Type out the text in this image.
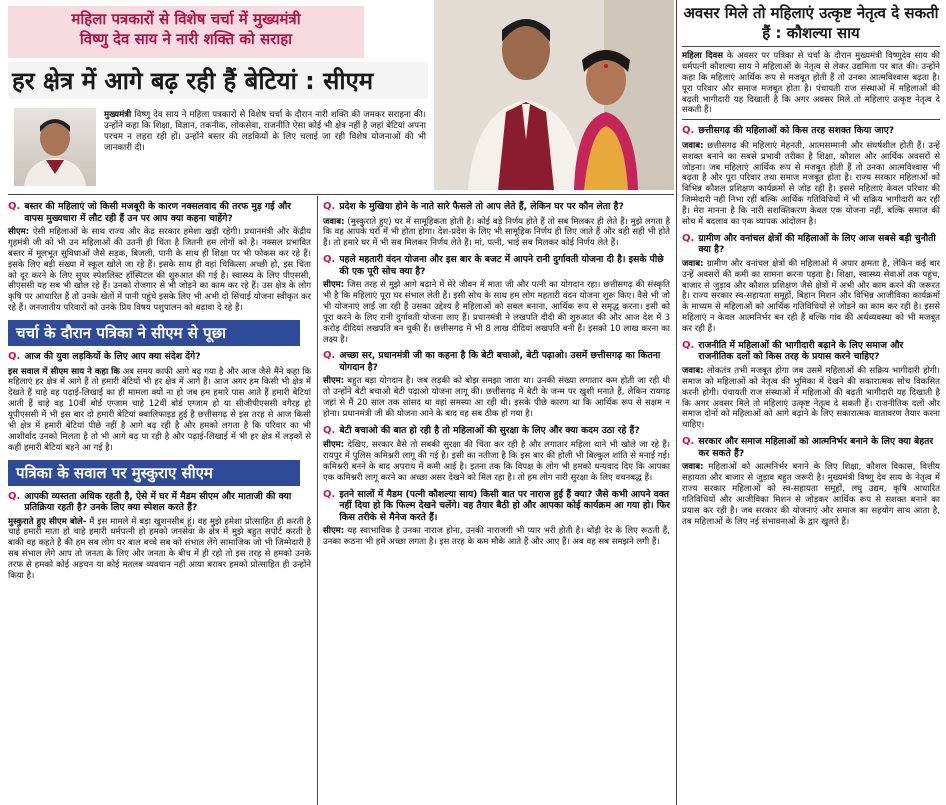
महिला पत्रकारों से विशेष चर्चा में मुख्यमंत्री
विष्णु देव साय ने नारी शक्ति को सराहा
हर क्षेत्र में आगे बढ़ रही हैं बेटियां : सीएम
मुख्यमंत्री विष्णु देव साय ने महिला पत्रकारों से विशेष चर्चा के दौरान नारी शक्ति की जमकर सराहना की। उन्होंने कहा कि शिक्षा, विज्ञान, तकनीक, लोकसेवा, राजनीति ऐसा कोई भी क्षेत्र नहीं है जहां बेटियां अपना परचम न लहरा रही हों। उन्होंने बस्तर की लड़कियों के लिए चलाई जा रही विशेष योजनाओं की भी जानकारी दी।
Q. बस्तर की महिलाएं जो किसी मजबूरी के कारण नक्सलवाद की तरफ मुड़ गई और वापस मुख्यधारा में लौट रही हैं उन पर आप क्या कहना चाहेंगे?
सीएम: ऐसी महिलाओं के साथ राज्य और केंद्र सरकार हमेशा खड़ी रहेगी। प्रधानमंत्री और केंद्रीय गृहमंत्री जी को भी उन महिलाओं की उतनी ही चिंता है जितनी हम लोगों को है। नक्सल प्रभावित बस्तर में मूलभूत सुविधाओं जैसे सड़क, बिजली, पानी के साथ ही शिक्षा पर भी फोकस कर रहे हैं। इसके लिए बड़ी संख्या में स्कूल खोले जा रहे हैं। इसके साथ ही वहां चिकित्सा अच्छी हो, इस चिंता को दूर करने के लिए सुपर स्पेशलिस्ट हॉस्पिटल की शुरुआत की गई है। स्वास्थ्य के लिए पीएससी, सीएससी यह सब भी खोल रहे हैं। उनको रोजगार से भी जोड़ने का काम कर रहे हैं। उस क्षेत्र के लोग कृषि पर आधारित हैं तो उनके खेतों में पानी पहुंचे इसके लिए भी अभी दो सिंचाई योजना स्वीकृत कर रहे हैं। जनजातीय परिवारों को उनके प्रिय विषय पशुपालन को बढ़ावा दे रहे हैं।
चर्चा के दौरान पत्रिका ने सीएम से पूछा
Q. आज की युवा लड़कियों के लिए आप क्या संदेश देंगे?
इस सवाल में सीएम साय ने कहा कि अब समय काफी आगे बढ़ गया है और आज जैसे मैंने कहा कि महिलाएं हर क्षेत्र में आगे हैं तो हमारी बेटियों भी हर क्षेत्र में आगे हैं। आज अगर हम किसी भी क्षेत्र में देखते हैं चाहे वह पढ़ाई-लिखाई का ही मामला क्यों ना हो जब हम हमारे पास आते हैं हमारी बेटियां आती हैं चाहे वह 10वीं बोर्ड एग्जाम चाहे 12वीं बोर्ड एग्जाम हो या सीजीपीएससी वगैरह हो यूपीएससी में भी इस बार दो हमारी बेटियां क्वालिफाइड हुई है छत्तीसगढ़ से इस तरह से आज किसी भी क्षेत्र में हमारी बेटियां पीछे नहीं है आगे बढ़ रही है और हमको लगता है कि परिवार का भी आशीर्वाद उनको मिलता है तो भी आगे बढ़ पा रही है और पढ़ाई-लिखाई में भी हर क्षेत्र में लड़कों से कहीं हमारी बेटियां बहने आ गई है।
पत्रिका के सवाल पर मुस्कुराए सीएम
Q. आपकी व्यस्तता अधिक रहती है, ऐसे में घर में मैडम सीएम और माताजी की क्या प्रतिक्रिया रहती है? उनके लिए क्या स्पेशल करते हैं?
मुस्कुराते हुए सीएम बोले- मैं इस मामले में बड़ा खुशनसीब हूं। वह मुझे हमेशा प्रोत्साहित ही करती है चाहे हमारी माता हो चाहे हमारी धर्मपत्नी हो हमको जनसेवा के क्षेत्र में मुझे बहुत सपोर्ट करती है बाकी वह कहते है की हम सब लोग घर बाल बच्चे सब को संभाल लेंगे सामाजिक जो भी जिम्मेदारी है सब संभाल लेंगे आप तो जनता के लिए और जनता के बीच में ही रहो तो इस तरह से हमको उनके तरफ से हमको कोई अड़चन या कोई मतलब व्यवधान नहीं आया बराबर हमको प्रोत्साहित ही उन्होंने किया है।
Q. प्रदेश के मुखिया होने के नाते सारे फैसले तो आप लेते हैं, लेकिन घर पर कौन लेता है?
जवाब: (मुस्कुराते हुए) घर में सामूहिकता होती है। कोई बड़े निर्णय होते हैं तो सब मिलकर ही लेते हैं। मुझे लगता है कि वह आपके घरों में भी होता होगा। देश-प्रदेश के लिए भी सामूहिक निर्णय ही लिए जाते हैं और वही सही भी होते हैं। तो हमारे घर में भी सब मिलकर निर्णय लेते हैं। मां, पत्नी, भाई सब मिलकर कोई निर्णय लेते हैं।
Q. पहले महतारी वंदन योजना और इस बार के बजट में आपने रानी दुर्गावती योजना दी है। इसके पीछे की एक पूरी सोच क्या है?
सीएम: जिस तरह से मुझे आगे बढ़ाने में मेरे जीवन में माता जी और पत्नी का योगदान रहा। छत्तीसगढ़ की संस्कृति भी है कि महिलाएं पूरा घर संभाल लेती हैं। इसी सोच के साथ हम लोग महतारी वंदन योजना शुरू किए। वैसे भी जो भी योजनाएं लाई जा रही हैं उसका उद्देश्य है महिलाओं को सबल बनाना, आर्थिक रूप से समृद्ध करना। इसी को पूरा करने के लिए रानी दुर्गावती योजना लाए हैं। प्रधानमंत्री ने लखपति दीदी की शुरुआत की और आज देश में 3 करोड़ दीदियां लखपति बन चुकी हैं। छत्तीसगढ़ में भी 8 लाख दीदियां लखपति बनी हैं। इसको 10 लाख करना का लक्ष्य है।
Q. अच्छा सर, प्रधानमंत्री जी का कहना है कि बेटी बचाओ, बेटी पढ़ाओ। उसमें छत्तीसगढ़ का कितना योगदान है?
सीएम: बहुत बड़ा योगदान है। जब लड़की को बोझ समझा जाता था। उनकी संख्या लगातार कम होती जा रही थी तो उन्होंने बेटी बचाओ बेटी पढ़ाओ योजना लागू की। छत्तीसगढ़ में बेटी के जन्म पर खुशी मनाते हैं, लेकिन रायगढ़ जहां से मैं 20 साल तक सांसद था वहां समस्या आ रही थी। इसके पीछे कारण था कि आर्थिक रूप से सक्षम न होना। प्रधानमंत्री जी की योजना आने के बाद वह सब ठीक हो गया है।
Q. बेटी बचाओ की बात हो रही है तो महिलाओं की सुरक्षा के लिए और क्या कदम उठा रहे हैं?
सीएम: देखिए, सरकार वैसे तो सबकी सुरक्षा की चिंता कर रही है और लगातार महिला थाने भी खोले जा रहे हैं। रायपुर में पुलिस कमिश्नरी लागू की गई है। इसी का नतीजा है कि इस बार की होली भी बिल्कुल शांति से मनाई गई। कमिश्नरी बनने के बाद अपराध में कमी आई है। इतना तक कि विपक्ष के लोग भी हमको धन्यवाद दिए कि आपका एक कमिश्नरी लागू करने का अच्छा असर देखने को मिल रहा है। तो हम लोग नारी सुरक्षा के लिए वचनबद्ध हैं।
Q. इतने सालों में मैडम (पत्नी कौशल्या साय) किसी बात पर नाराज हुई हैं क्या? जैसे कभी आपने वक्त नहीं दिया हो कि फिल्म देखने चलेंगे। वह तैयार बैठी हो और आपका कोई कार्यक्रम आ गया हो। फिर किस तरीके से मैनेज करते हैं।
सीएम: यह स्वाभाविक है उनका नाराज होना, उनकी नाराजगी भी प्यार भरी होती है। थोड़ी देर के लिए रूठती हैं, उनका रूठना भी हमें अच्छा लगता है। इस तरह के कम मौके आते हैं और आए हैं। अब वह सब समझने लगी हैं।
अवसर मिले तो महिलाएं उत्कृष्ट नेतृत्व दे सकती हैं : कौशल्या साय
महिला दिवस के अवसर पर पत्रिका से चर्चा के दौरान मुख्यमंत्री विष्णुदेव साय की धर्मपत्नी कौशल्या साय ने महिलाओं के नेतृत्व से लेकर उद्यमिता पर बात की। उन्होंने कहा कि महिलाएं आर्थिक रूप से मजबूत होती हैं तो उनका आत्मविश्वास बढ़ता है। पूरा परिवार और समाज मजबूत होता है। पंचायती राज संस्थाओं में महिलाओं की बढ़ती भागीदारी यह दिखाती है कि अगर अवसर मिले तो महिलाएं उत्कृष्ट नेतृत्व दे सकती हैं।
Q. छत्तीसगढ़ की महिलाओं को किस तरह सशक्त किया जाए?
जवाब: छत्तीसगढ़ की महिलाएं मेहनती, आत्मसम्मानी और संघर्षशील होती हैं। उन्हें सशक्त बनाने का सबसे प्रभावी तरीका है शिक्षा, कौशल और आर्थिक अवसरों से जोड़ना। जब महिलाएं आर्थिक रूप से मजबूत होती हैं तो उनका आत्मविश्वास भी बढ़ता है और पूरा परिवार तथा समाज मजबूत होता है। राज्य सरकार महिलाओं को विभिन्न कौशल प्रशिक्षण कार्यक्रमों से जोड़ रही है। इससे महिलाएं केवल परिवार की जिम्मेदारी नहीं निभा रहीं बल्कि आर्थिक गतिविधियों में भी सक्रिय भागीदारी कर रही हैं। मेरा मानना है कि नारी सशक्तिकरण केवल एक योजना नहीं, बल्कि समाज की सोच में बदलाव का एक व्यापक आंदोलन है।
Q. ग्रामीण और वनांचल क्षेत्रों की महिलाओं के लिए आज सबसे बड़ी चुनौती क्या है?
जवाब: ग्रामीण और वनांचल क्षेत्रों की महिलाओं में अपार क्षमता है, लेकिन कई बार उन्हें अवसरों की कमी का सामना करना पड़ता है। शिक्षा, स्वास्थ्य सेवाओं तक पहुंच, बाजार से जुड़ाव और कौशल प्रशिक्षण जैसे क्षेत्रों में अभी और काम करने की जरूरत है। राज्य सरकार स्व-सहायता समूहों, बिहान मिशन और विभिन्न आजीविका कार्यक्रमों के माध्यम से महिलाओं को आर्थिक गतिविधियों से जोड़ने का काम कर रही है। इससे महिलाएं न केवल आत्मनिर्भर बन रही हैं बल्कि गांव की अर्थव्यवस्था को भी मजबूत कर रही हैं।
Q. राजनीति में महिलाओं की भागीदारी बढ़ाने के लिए समाज और राजनीतिक दलों को किस तरह के प्रयास करने चाहिए?
जवाब: लोकतंत्र तभी मजबूत होगा जब उसमें महिलाओं की सक्रिय भागीदारी होगी। समाज को महिलाओं को नेतृत्व की भूमिका में देखने की सकारात्मक सोच विकसित करनी होगी। पंचायती राज संस्थाओं में महिलाओं की बढ़ती भागीदारी यह दिखाती है कि अगर अवसर मिले तो महिलाएं उत्कृष्ट नेतृत्व दे सकती हैं। राजनीतिक दलों और समाज दोनों को महिलाओं को आगे बढ़ाने के लिए सकारात्मक वातावरण तैयार करना चाहिए।
Q. सरकार और समाज महिलाओं को आत्मनिर्भर बनाने के लिए क्या बेहतर कर सकते हैं?
जवाब: महिलाओं को आत्मनिर्भर बनाने के लिए शिक्षा, कौशल विकास, वित्तीय सहायता और बाजार से जुड़ाव बहुत जरूरी है। मुख्यमंत्री विष्णु देव साय के नेतृत्व में राज्य सरकार महिलाओं को स्व-सहायता समूहों, लघु उद्यम, कृषि आधारित गतिविधियों और आजीविका मिशन से जोड़कर आर्थिक रूप से सशक्त बनाने का प्रयास कर रही है। जब सरकार की योजनाएं और समाज का सहयोग साथ आता है, तब महिलाओं के लिए नई संभावनाओं के द्वार खुलते हैं।
